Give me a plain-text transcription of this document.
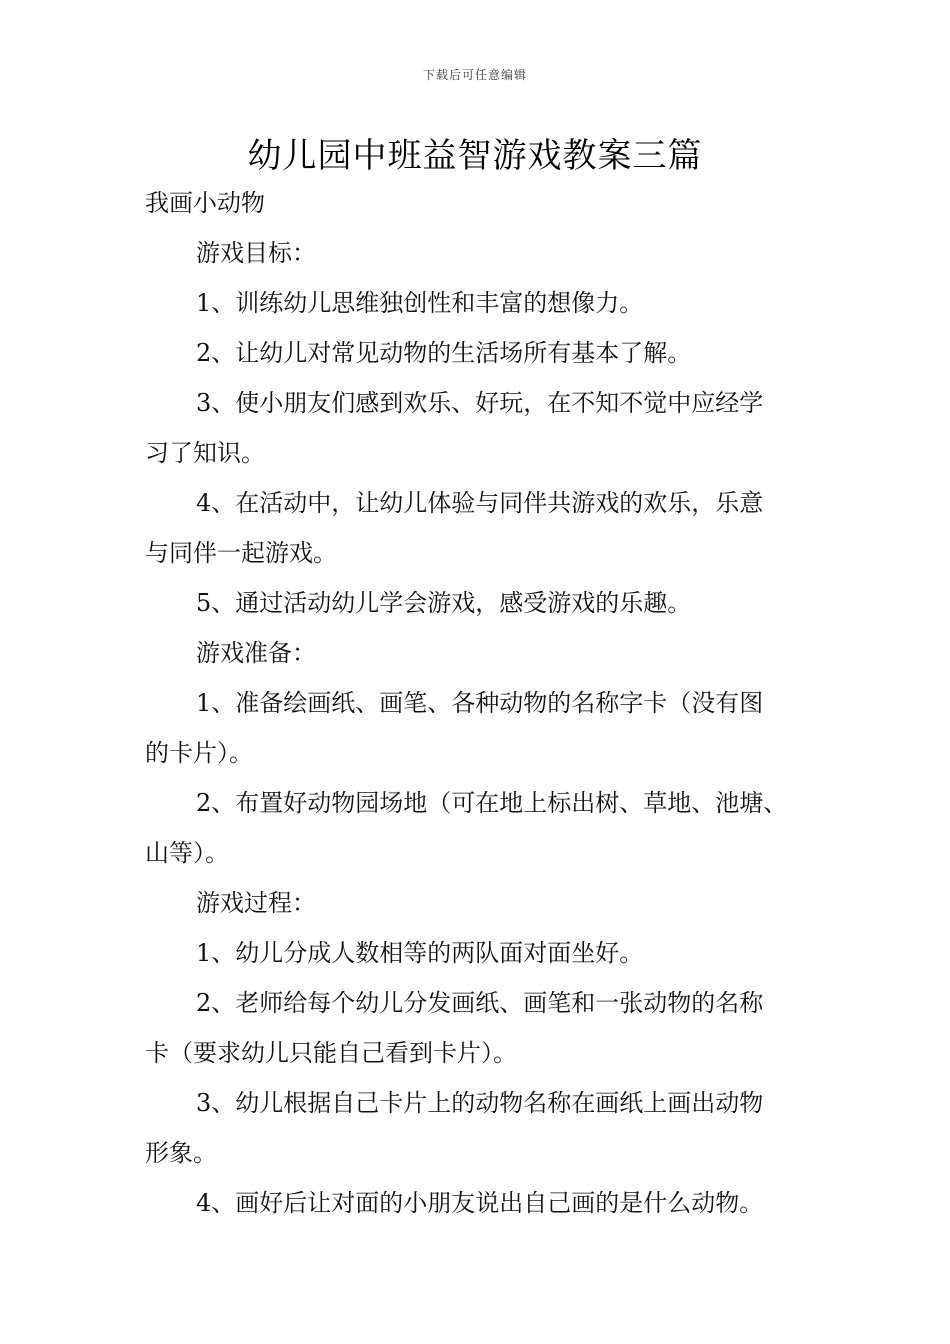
下载后可任意编辑
幼儿园中班益智游戏教案三篇
我画小动物
游戏目标：
1、训练幼儿思维独创性和丰富的想像力。
2、让幼儿对常见动物的生活场所有基本了解。
3、使小朋友们感到欢乐、好玩，在不知不觉中应经学
习了知识。
4、在活动中，让幼儿体验与同伴共游戏的欢乐，乐意
与同伴一起游戏。
5、通过活动幼儿学会游戏，感受游戏的乐趣。
游戏准备：
1、准备绘画纸、画笔、各种动物的名称字卡（没有图
的卡片）。
2、布置好动物园场地（可在地上标出树、草地、池塘、
山等）。
游戏过程：
1、幼儿分成人数相等的两队面对面坐好。
2、老师给每个幼儿分发画纸、画笔和一张动物的名称
卡（要求幼儿只能自己看到卡片）。
3、幼儿根据自己卡片上的动物名称在画纸上画出动物
形象。
4、画好后让对面的小朋友说出自己画的是什么动物。
